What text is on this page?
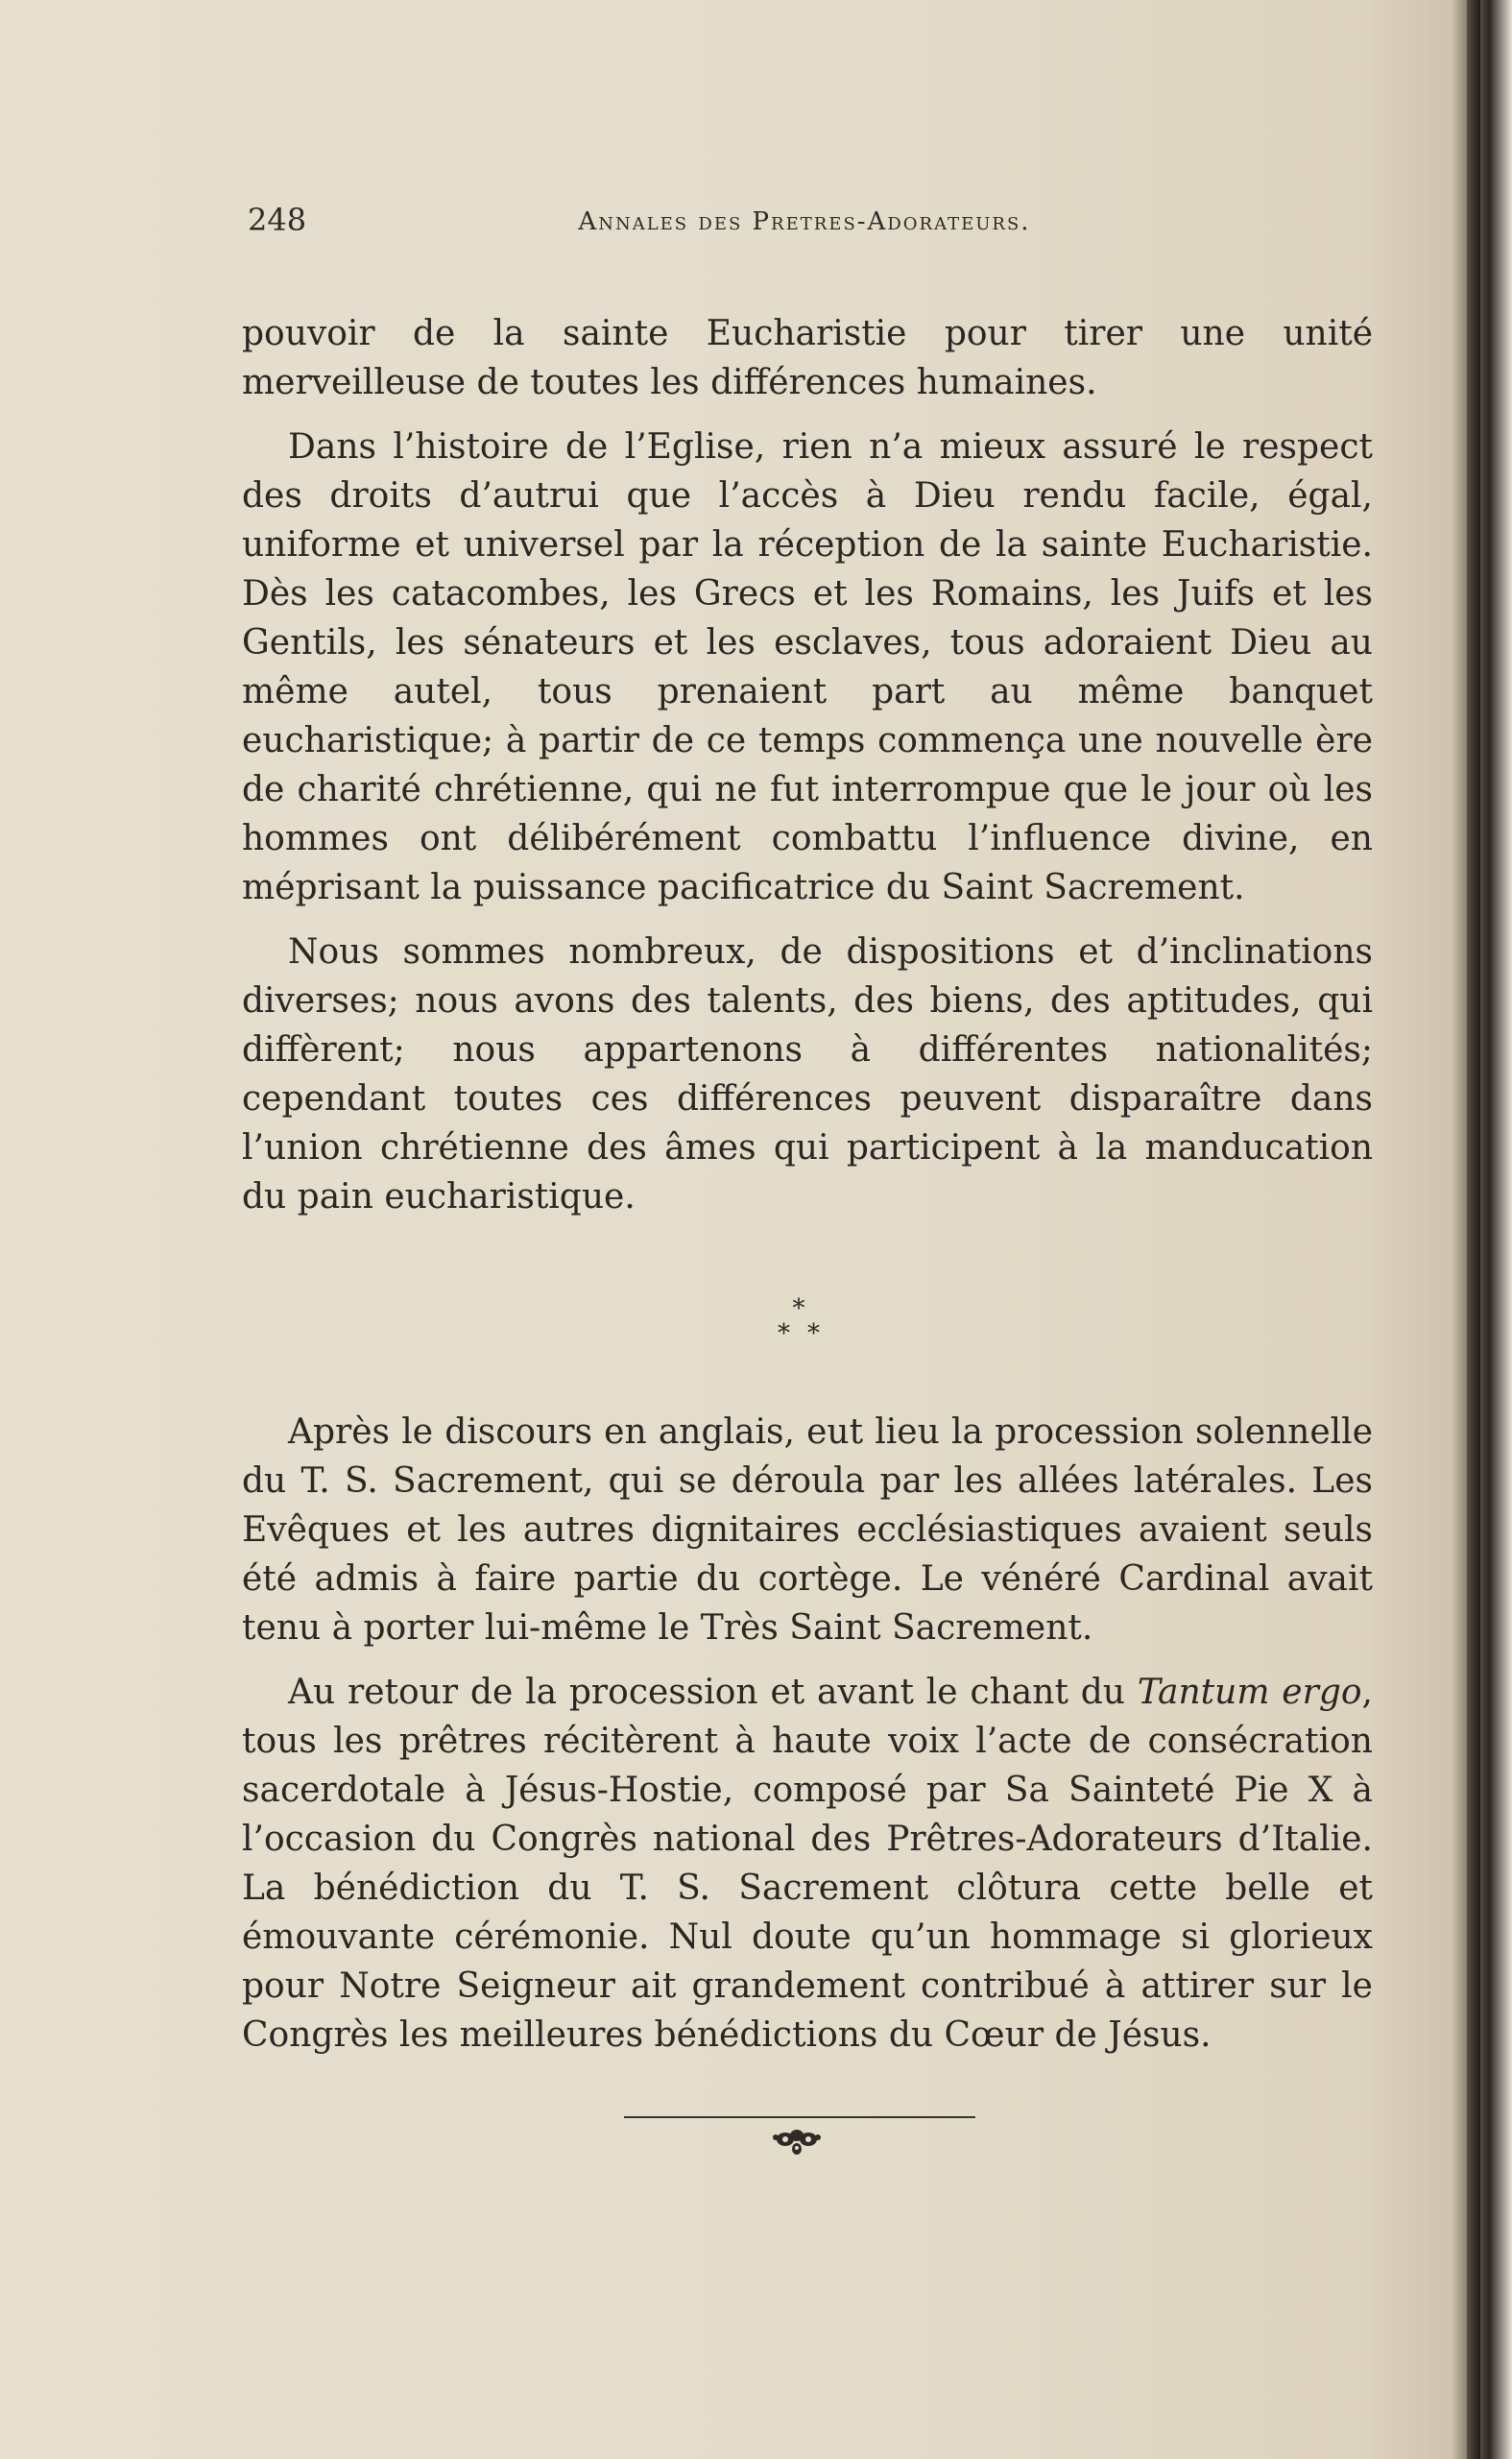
248	Annales des Pretres-Adorateurs.

pouvoir de la sainte Eucharistie pour tirer une unité merveilleuse de toutes les différences humaines.

Dans l’histoire de l’Eglise, rien n’a mieux assuré le respect des droits d’autrui que l’accès à Dieu rendu facile, égal, uniforme et universel par la réception de la sainte Eucharistie. Dès les catacombes, les Grecs et les Romains, les Juifs et les Gentils, les sénateurs et les esclaves, tous adoraient Dieu au même autel, tous prenaient part au même banquet eucharistique; à partir de ce temps commença une nouvelle ère de charité chrétienne, qui ne fut interrompue que le jour où les hommes ont délibérément combattu l’influence divine, en méprisant la puissance pacificatrice du Saint Sacrement.

Nous sommes nombreux, de dispositions et d’inclinations diverses; nous avons des talents, des biens, des aptitudes, qui diffèrent; nous appartenons à différentes nationalités; cependant toutes ces différences peuvent disparaître dans l’union chrétienne des âmes qui participent à la manducation du pain eucharistique.

*
**

Après le discours en anglais, eut lieu la procession solennelle du T. S. Sacrement, qui se déroula par les allées latérales. Les Evêques et les autres dignitaires ecclésiastiques avaient seuls été admis à faire partie du cortège. Le vénéré Cardinal avait tenu à porter lui-même le Très Saint Sacrement.

Au retour de la procession et avant le chant du Tantum ergo, tous les prêtres récitèrent à haute voix l’acte de consécration sacerdotale à Jésus-Hostie, composé par Sa Sainteté Pie X à l’occasion du Congrès national des Prêtres-Adorateurs d’Italie. La bénédiction du T. S. Sacrement clôtura cette belle et émouvante cérémonie. Nul doute qu’un hommage si glorieux pour Notre Seigneur ait grandement contribué à attirer sur le Congrès les meilleures bénédictions du Cœur de Jésus.
